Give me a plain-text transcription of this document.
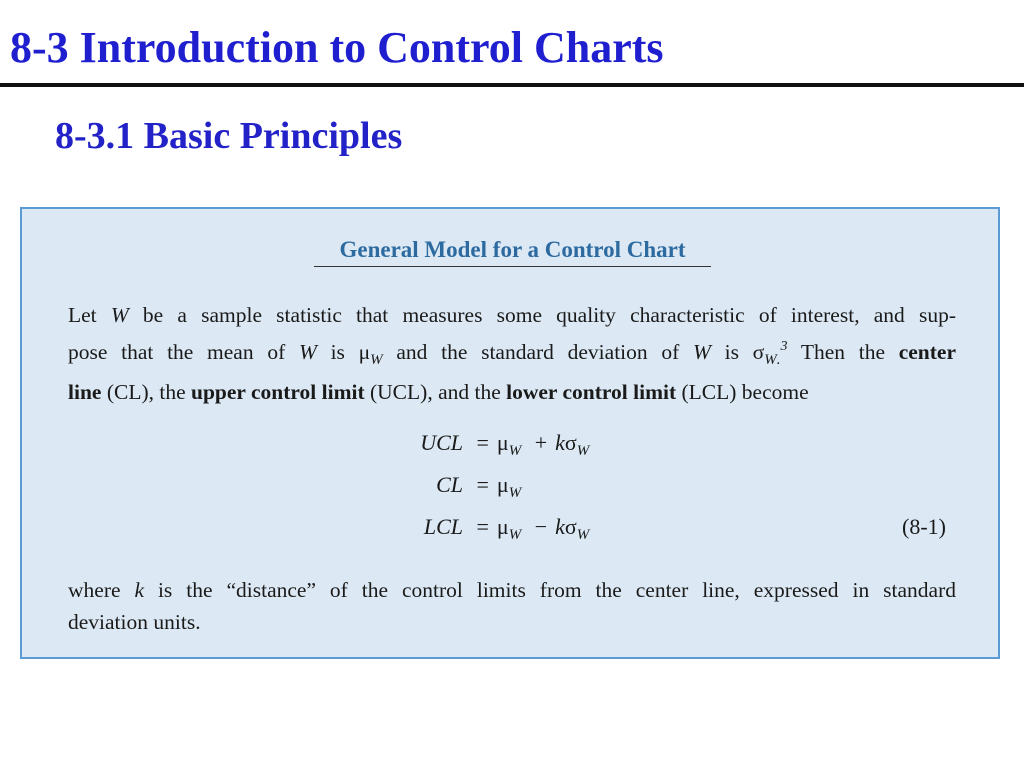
8-3 Introduction to Control Charts
8-3.1 Basic Principles
General Model for a Control Chart

Let W be a sample statistic that measures some quality characteristic of interest, and sup-
pose that the mean of W is $\mu_W$ and the standard deviation of W is $\sigma_{W.}^3$ Then the center
line (CL), the upper control limit (UCL), and the lower control limit (LCL) become

UCL = $\mu_W + k\sigma_W$
CL = $\mu_W$
LCL = $\mu_W - k\sigma_W$	(8-1)

where k is the “distance” of the control limits from the center line, expressed in standard
deviation units.
